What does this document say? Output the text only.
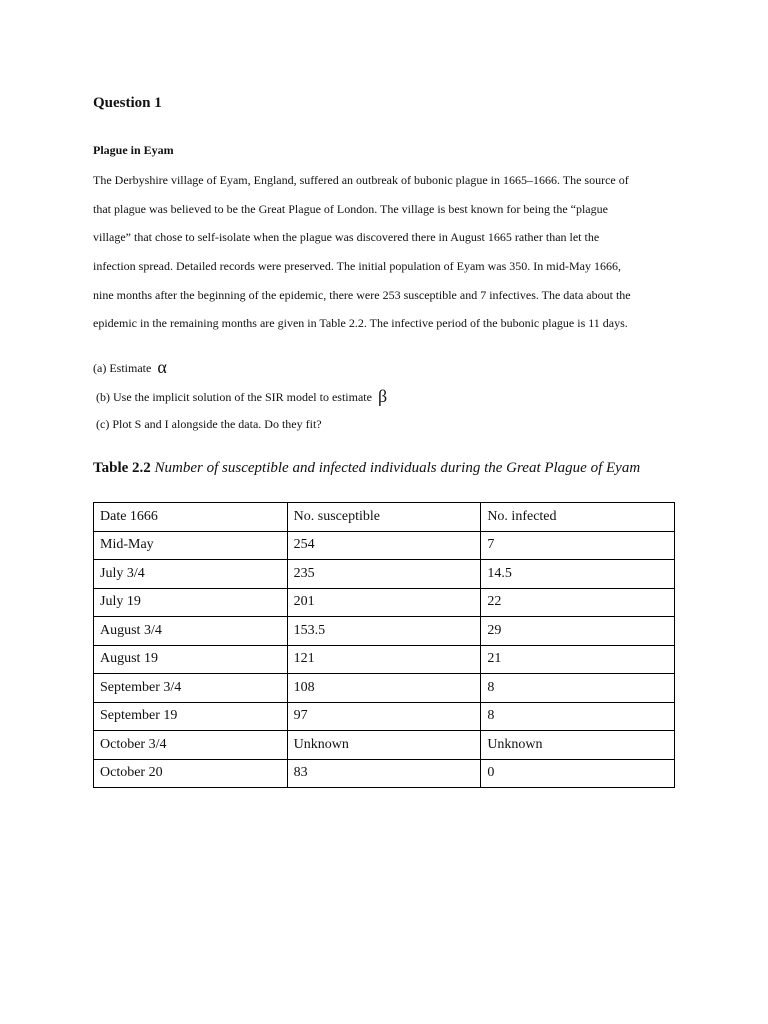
Question 1
Plague in Eyam

The Derbyshire village of Eyam, England, suffered an outbreak of bubonic plague in 1665–1666. The source of
that plague was believed to be the Great Plague of London. The village is best known for being the “plague
village” that chose to self-isolate when the plague was discovered there in August 1665 rather than let the
infection spread. Detailed records were preserved. The initial population of Eyam was 350. In mid-May 1666,
nine months after the beginning of the epidemic, there were 253 susceptible and 7 infectives. The data about the
epidemic in the remaining months are given in Table 2.2. The infective period of the bubonic plague is 11 days.

(a) Estimate α
(b) Use the implicit solution of the SIR model to estimate β
(c) Plot S and I alongside the data. Do they fit?
Table 2.2 Number of susceptible and infected individuals during the Great Plague of Eyam
Date 1666	No. susceptible	No. infected
Mid-May	254	7
July 3/4	235	14.5
July 19	201	22
August 3/4	153.5	29
August 19	121	21
September 3/4	108	8
September 19	97	8
October 3/4	Unknown	Unknown
October 20	83	0
